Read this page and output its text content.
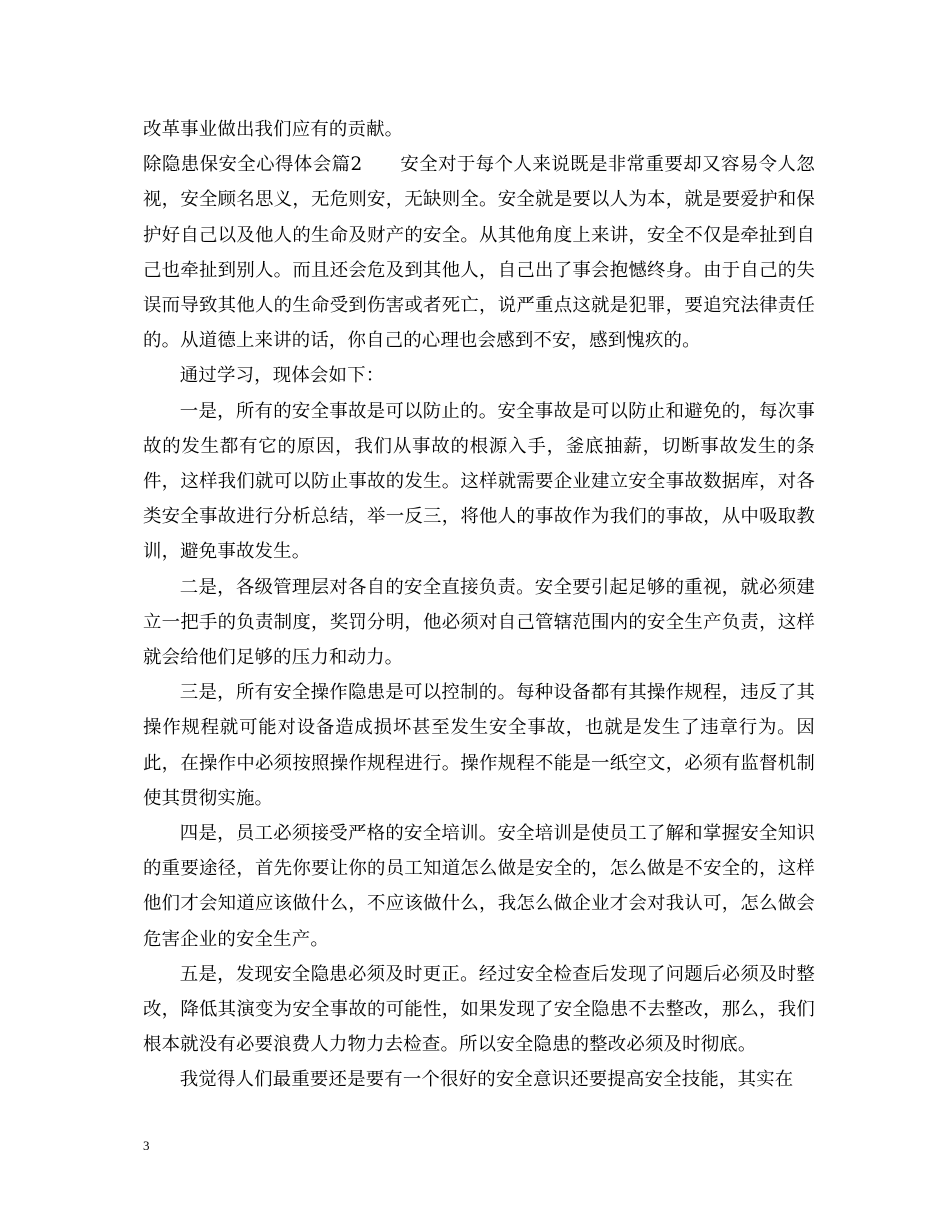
改革事业做出我们应有的贡献。

除隐患保安全心得体会篇2　　安全对于每个人来说既是非常重要却又容易令人忽视，安全顾名思义，无危则安，无缺则全。安全就是要以人为本，就是要爱护和保护好自己以及他人的生命及财产的安全。从其他角度上来讲，安全不仅是牵扯到自己也牵扯到别人。而且还会危及到其他人，自己出了事会抱憾终身。由于自己的失误而导致其他人的生命受到伤害或者死亡，说严重点这就是犯罪，要追究法律责任的。从道德上来讲的话，你自己的心理也会感到不安，感到愧疚的。

通过学习，现体会如下：

一是，所有的安全事故是可以防止的。安全事故是可以防止和避免的，每次事故的发生都有它的原因，我们从事故的根源入手，釜底抽薪，切断事故发生的条件，这样我们就可以防止事故的发生。这样就需要企业建立安全事故数据库，对各类安全事故进行分析总结，举一反三，将他人的事故作为我们的事故，从中吸取教训，避免事故发生。

二是，各级管理层对各自的安全直接负责。安全要引起足够的重视，就必须建立一把手的负责制度，奖罚分明，他必须对自己管辖范围内的安全生产负责，这样就会给他们足够的压力和动力。

三是，所有安全操作隐患是可以控制的。每种设备都有其操作规程，违反了其操作规程就可能对设备造成损坏甚至发生安全事故，也就是发生了违章行为。因此，在操作中必须按照操作规程进行。操作规程不能是一纸空文，必须有监督机制使其贯彻实施。

四是，员工必须接受严格的安全培训。安全培训是使员工了解和掌握安全知识的重要途径，首先你要让你的员工知道怎么做是安全的，怎么做是不安全的，这样他们才会知道应该做什么，不应该做什么，我怎么做企业才会对我认可，怎么做会危害企业的安全生产。

五是，发现安全隐患必须及时更正。经过安全检查后发现了问题后必须及时整改，降低其演变为安全事故的可能性，如果发现了安全隐患不去整改，那么，我们根本就没有必要浪费人力物力去检查。所以安全隐患的整改必须及时彻底。

我觉得人们最重要还是要有一个很好的安全意识还要提高安全技能，其实在

3
